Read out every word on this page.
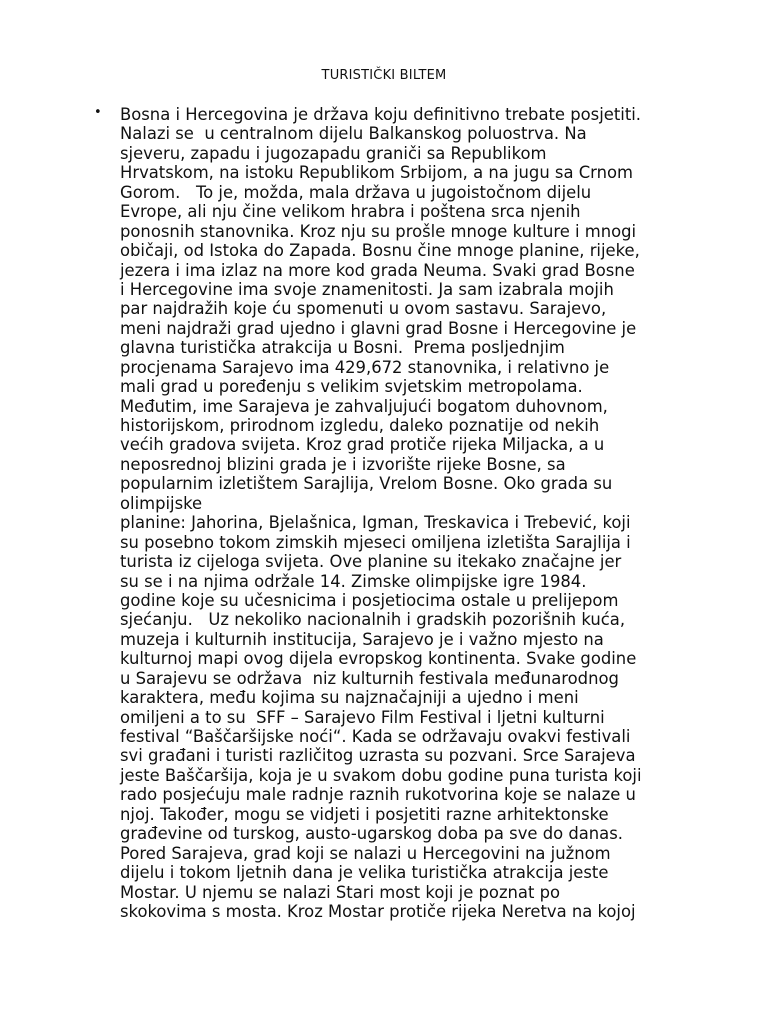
TURISTIČKI BILTEM
• Bosna i Hercegovina je država koju definitivno trebate posjetiti.
Nalazi se  u centralnom dijelu Balkanskog poluostrva. Na
sjeveru, zapadu i jugozapadu graniči sa Republikom
Hrvatskom, na istoku Republikom Srbijom, a na jugu sa Crnom
Gorom.   To je, možda, mala država u jugoistočnom dijelu
Evrope, ali nju čine velikom hrabra i poštena srca njenih
ponosnih stanovnika. Kroz nju su prošle mnoge kulture i mnogi
običaji, od Istoka do Zapada. Bosnu čine mnoge planine, rijeke,
jezera i ima izlaz na more kod grada Neuma. Svaki grad Bosne
i Hercegovine ima svoje znamenitosti. Ja sam izabrala mojih
par najdražih koje ću spomenuti u ovom sastavu. Sarajevo,
meni najdraži grad ujedno i glavni grad Bosne i Hercegovine je
glavna turistička atrakcija u Bosni.  Prema posljednjim
procjenama Sarajevo ima 429,672 stanovnika, i relativno je
mali grad u poređenju s velikim svjetskim metropolama.
Međutim, ime Sarajeva je zahvaljujući bogatom duhovnom,
historijskom, prirodnom izgledu, daleko poznatije od nekih
većih gradova svijeta. Kroz grad protiče rijeka Miljacka, a u
neposrednoj blizini grada je i izvorište rijeke Bosne, sa
popularnim izletištem Sarajlija, Vrelom Bosne. Oko grada su
olimpijske
planine: Jahorina, Bjelašnica, Igman, Treskavica i Trebević, koji
su posebno tokom zimskih mjeseci omiljena izletišta Sarajlija i
turista iz cijeloga svijeta. Ove planine su itekako značajne jer
su se i na njima održale 14. Zimske olimpijske igre 1984.
godine koje su učesnicima i posjetiocima ostale u prelijepom
sjećanju.   Uz nekoliko nacionalnih i gradskih pozorišnih kuća,
muzeja i kulturnih institucija, Sarajevo je i važno mjesto na
kulturnoj mapi ovog dijela evropskog kontinenta. Svake godine
u Sarajevu se održava  niz kulturnih festivala međunarodnog
karaktera, među kojima su najznačajniji a ujedno i meni
omiljeni a to su  SFF – Sarajevo Film Festival i ljetni kulturni
festival “Baščaršijske noći“. Kada se održavaju ovakvi festivali
svi građani i turisti različitog uzrasta su pozvani. Srce Sarajeva
jeste Baščaršija, koja je u svakom dobu godine puna turista koji
rado posjećuju male radnje raznih rukotvorina koje se nalaze u
njoj. Također, mogu se vidjeti i posjetiti razne arhitektonske
građevine od turskog, austo-ugarskog doba pa sve do danas.
Pored Sarajeva, grad koji se nalazi u Hercegovini na južnom
dijelu i tokom ljetnih dana je velika turistička atrakcija jeste
Mostar. U njemu se nalazi Stari most koji je poznat po
skokovima s mosta. Kroz Mostar protiče rijeka Neretva na kojoj
